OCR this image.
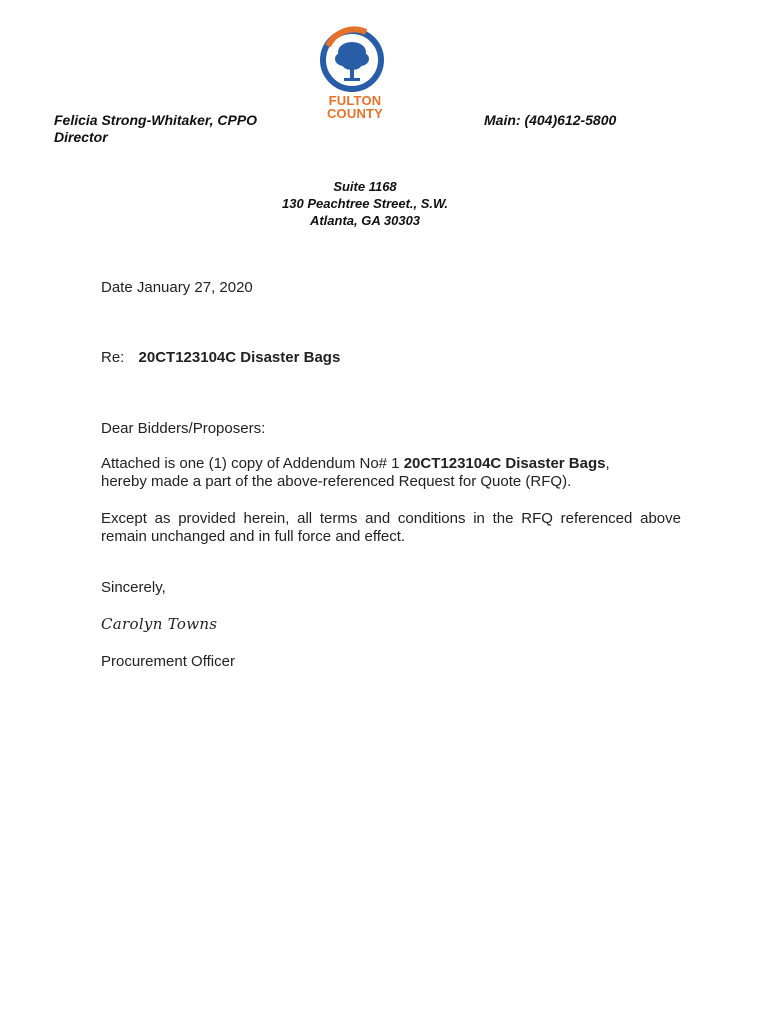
FULTON
COUNTY
Felicia Strong-Whitaker, CPPO
Director
Main: (404)612-5800
Suite 1168
130 Peachtree Street., S.W.
Atlanta, GA 30303
Date January 27, 2020
Re: 20CT123104C Disaster Bags
Dear Bidders/Proposers:
Attached is one (1) copy of Addendum No# 1 20CT123104C Disaster Bags,
hereby made a part of the above-referenced Request for Quote (RFQ).
Except as provided herein, all terms and conditions in the RFQ referenced above remain unchanged and in full force and effect.
Sincerely,
Carolyn Towns
Procurement Officer
